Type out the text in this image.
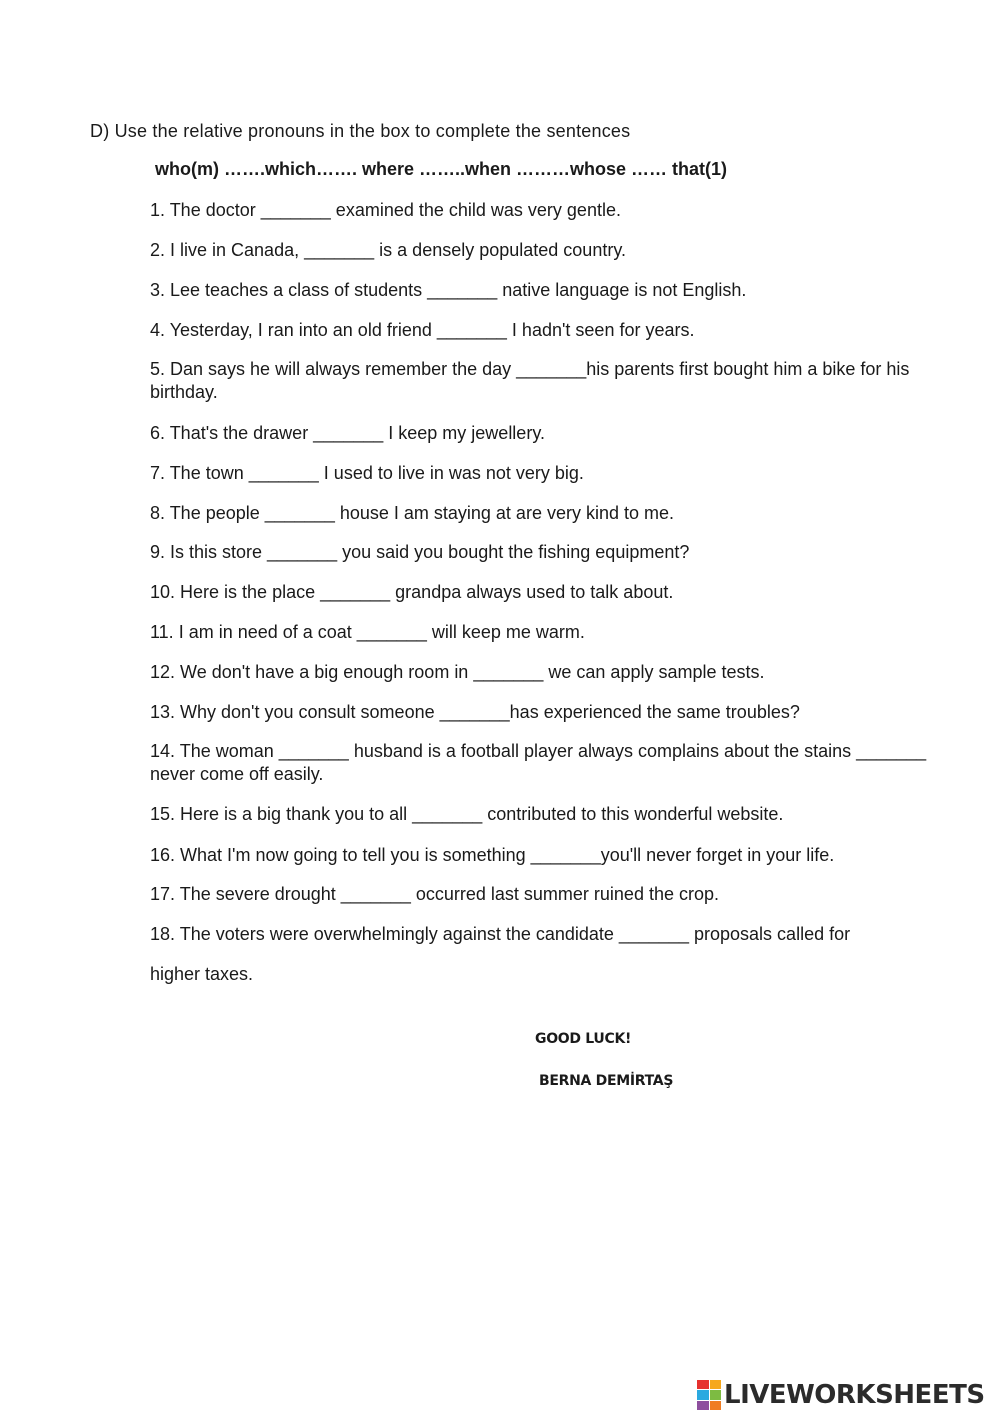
D) Use the relative pronouns in the box to complete the sentences
who(m) …….which……. where ……..when ………whose …… that(1)
1. The doctor _______ examined the child was very gentle.
2. I live in Canada, _______ is a densely populated country.
3. Lee teaches a class of students _______ native language is not English.
4. Yesterday, I ran into an old friend _______ I hadn't seen for years.
5. Dan says he will always remember the day _______his parents first bought him a bike for his birthday.
6. That's the drawer _______ I keep my jewellery.
7. The town _______ I used to live in was not very big.
8. The people _______ house I am staying at are very kind to me.
9. Is this store _______ you said you bought the fishing equipment?
10. Here is the place _______ grandpa always used to talk about.
11. I am in need of a coat _______ will keep me warm.
12. We don't have a big enough room in _______ we can apply sample tests.
13. Why don't you consult someone _______has experienced the same troubles?
14. The woman _______ husband is a football player always complains about the stains _______ never come off easily.
15. Here is a big thank you to all _______ contributed to this wonderful website.
16. What I'm now going to tell you is something _______you'll never forget in your life.
17. The severe drought _______ occurred last summer ruined the crop.
18. The voters were overwhelmingly against the candidate _______ proposals called for
higher taxes.
GOOD LUCK!
BERNA DEMİRTAŞ
LIVEWORKSHEETS
